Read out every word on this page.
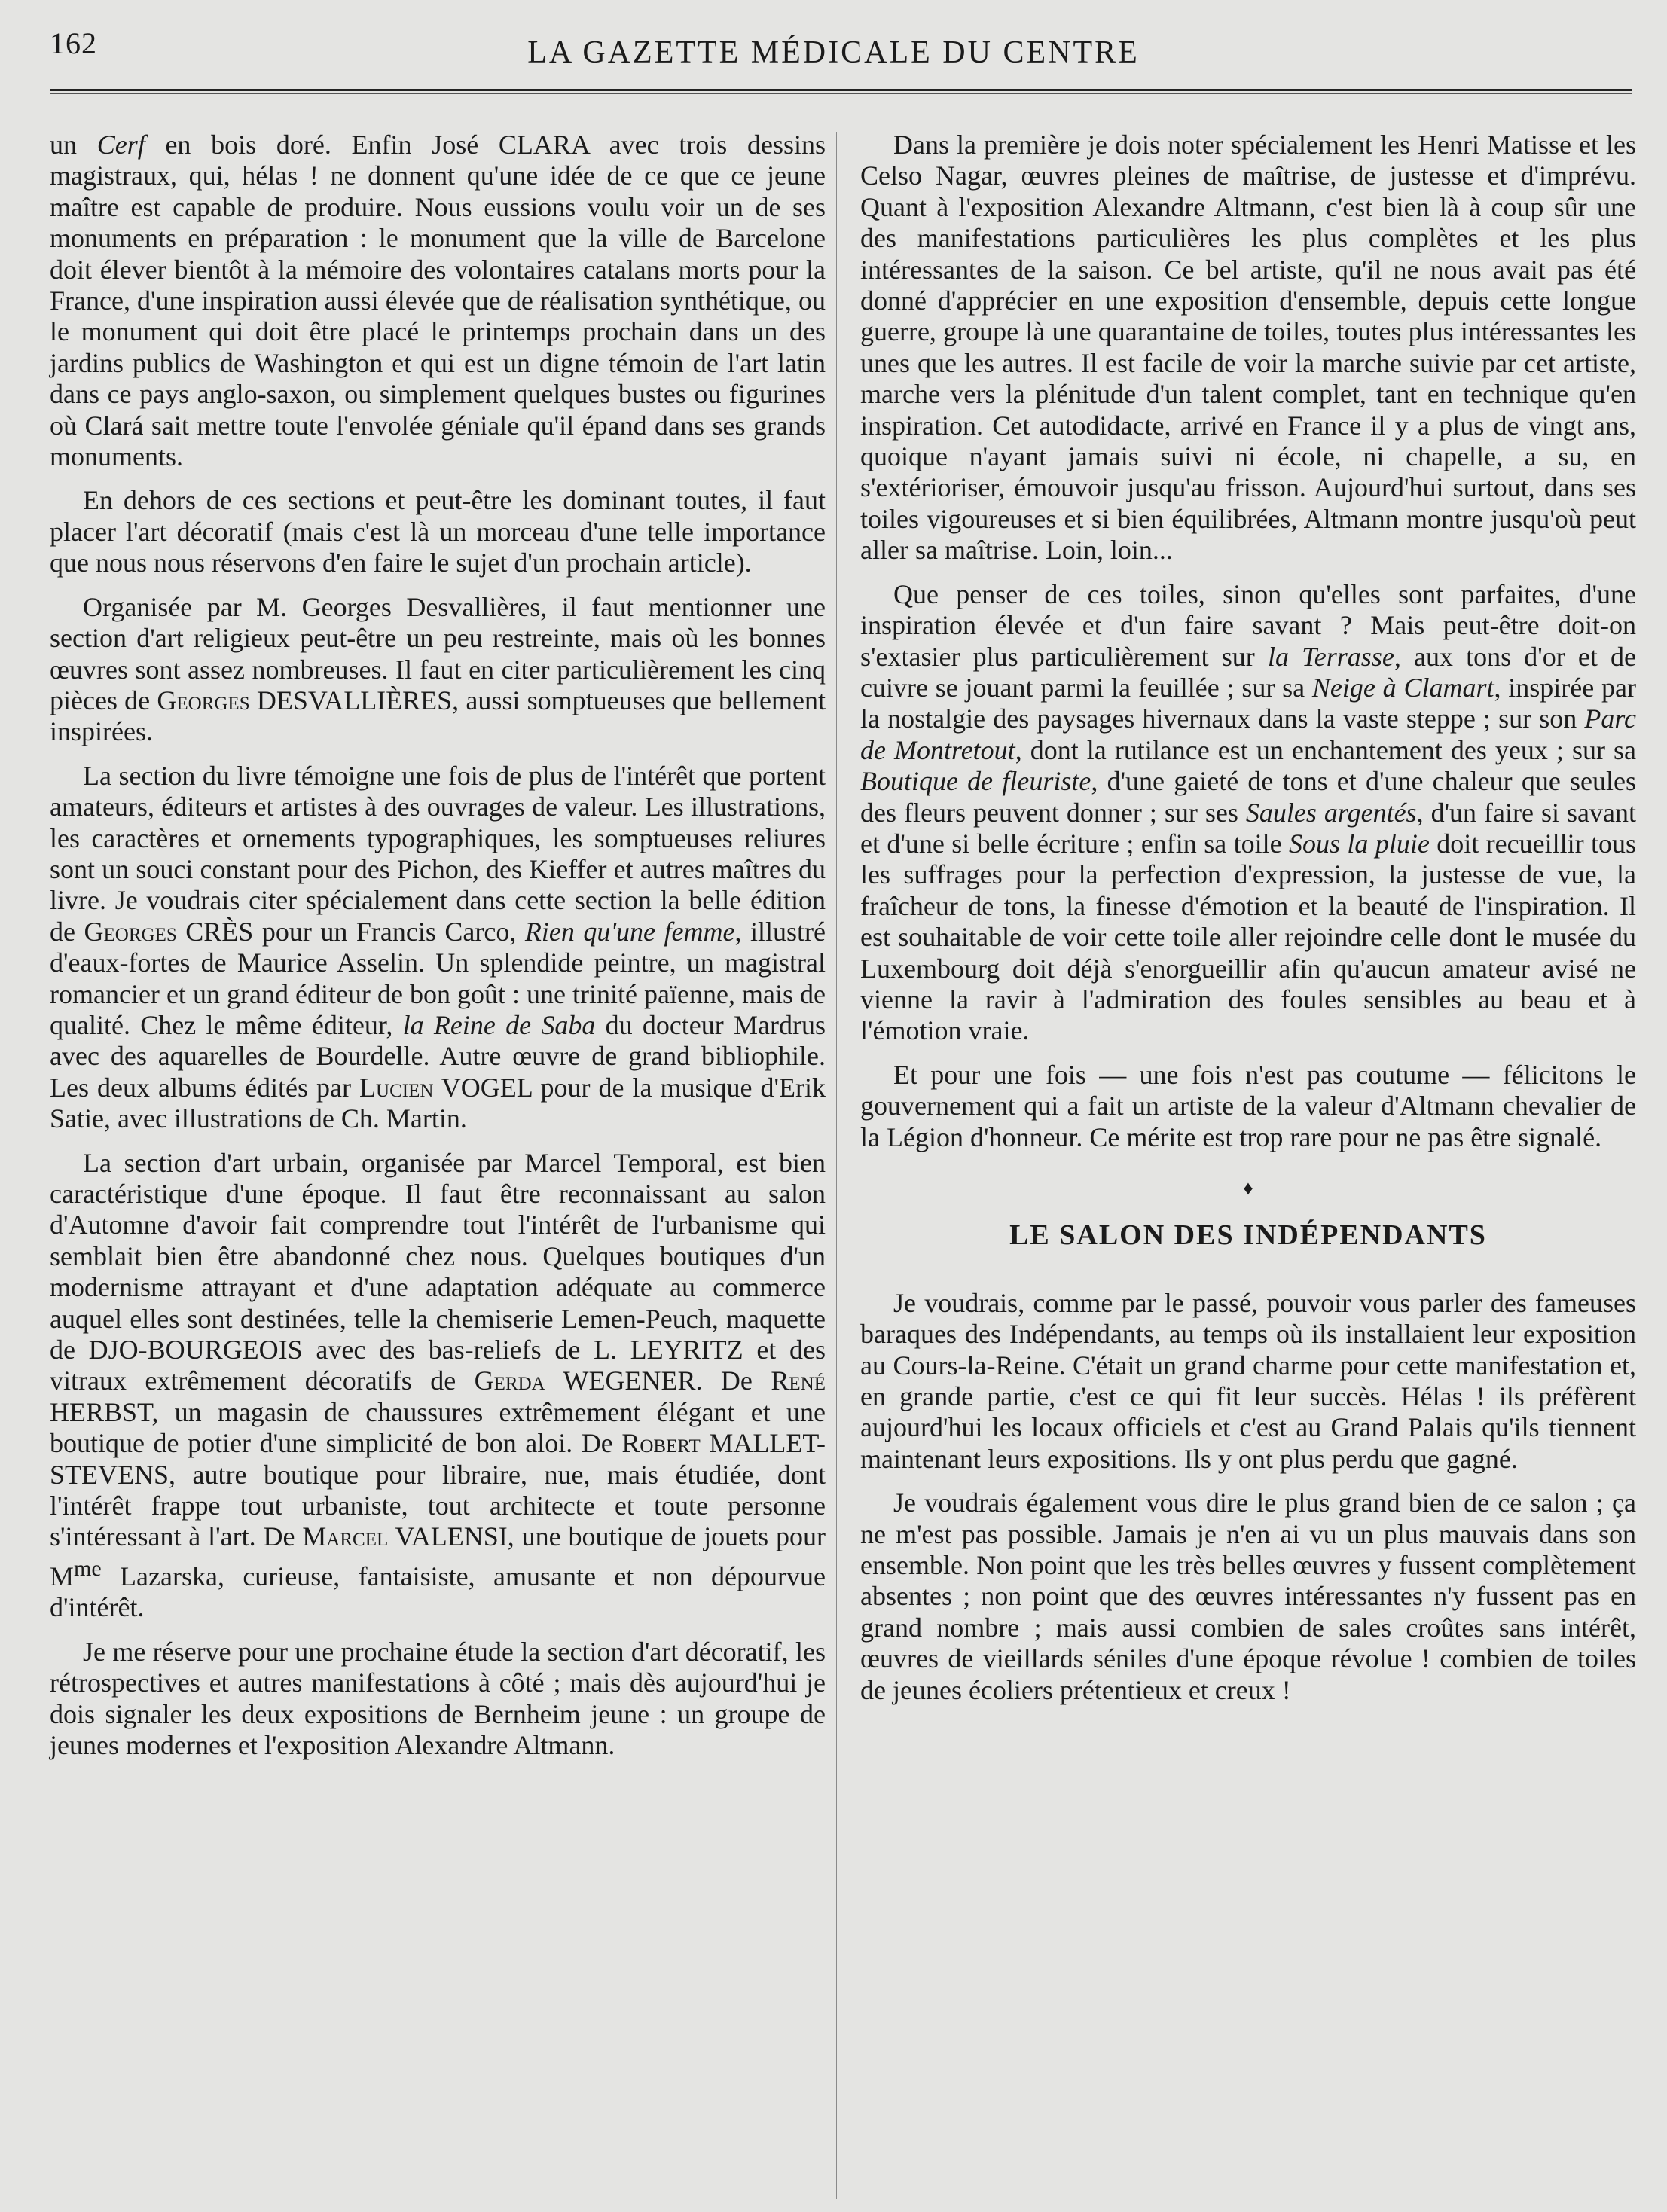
162	LA GAZETTE MÉDICALE DU CENTRE

un Cerf en bois doré. Enfin José CLARA avec trois dessins magistraux, qui, hélas ! ne donnent qu'une idée de ce que ce jeune maître est capable de produire. Nous eussions voulu voir un de ses monuments en préparation : le monument que la ville de Barcelone doit élever bientôt à la mémoire des volontaires catalans morts pour la France, d'une inspiration aussi élevée que de réalisation synthétique, ou le monument qui doit être placé le printemps prochain dans un des jardins publics de Washington et qui est un digne témoin de l'art latin dans ce pays anglo-saxon, ou simplement quelques bustes ou figurines où Clará sait mettre toute l'envolée géniale qu'il épand dans ses grands monuments.

En dehors de ces sections et peut-être les dominant toutes, il faut placer l'art décoratif (mais c'est là un morceau d'une telle importance que nous nous réservons d'en faire le sujet d'un prochain article).

Organisée par M. Georges Desvallières, il faut mentionner une section d'art religieux peut-être un peu restreinte, mais où les bonnes œuvres sont assez nombreuses. Il faut en citer particulièrement les cinq pièces de Georges DESVALLIÈRES, aussi somptueuses que bellement inspirées.

La section du livre témoigne une fois de plus de l'intérêt que portent amateurs, éditeurs et artistes à des ouvrages de valeur. Les illustrations, les caractères et ornements typographiques, les somptueuses reliures sont un souci constant pour des Pichon, des Kieffer et autres maîtres du livre. Je voudrais citer spécialement dans cette section la belle édition de Georges CRÈS pour un Francis Carco, Rien qu'une femme, illustré d'eaux-fortes de Maurice Asselin. Un splendide peintre, un magistral romancier et un grand éditeur de bon goût : une trinité païenne, mais de qualité. Chez le même éditeur, la Reine de Saba du docteur Mardrus avec des aquarelles de Bourdelle. Autre œuvre de grand bibliophile. Les deux albums édités par Lucien VOGEL pour de la musique d'Erik Satie, avec illustrations de Ch. Martin.

La section d'art urbain, organisée par Marcel Temporal, est bien caractéristique d'une époque. Il faut être reconnaissant au salon d'Automne d'avoir fait comprendre tout l'intérêt de l'urbanisme qui semblait bien être abandonné chez nous. Quelques boutiques d'un modernisme attrayant et d'une adaptation adéquate au commerce auquel elles sont destinées, telle la chemiserie Lemen-Peuch, maquette de DJO-BOURGEOIS avec des bas-reliefs de L. LEYRITZ et des vitraux extrêmement décoratifs de Gerda WEGENER. De René HERBST, un magasin de chaussures extrêmement élégant et une boutique de potier d'une simplicité de bon aloi. De Robert MALLET-STEVENS, autre boutique pour libraire, nue, mais étudiée, dont l'intérêt frappe tout urbaniste, tout architecte et toute personne s'intéressant à l'art. De Marcel VALENSI, une boutique de jouets pour $M^{me}$ Lazarska, curieuse, fantaisiste, amusante et non dépourvue d'intérêt.

Je me réserve pour une prochaine étude la section d'art décoratif, les rétrospectives et autres manifestations à côté ; mais dès aujourd'hui je dois signaler les deux expositions de Bernheim jeune : un groupe de jeunes modernes et l'exposition Alexandre Altmann.

Dans la première je dois noter spécialement les Henri Matisse et les Celso Nagar, œuvres pleines de maîtrise, de justesse et d'imprévu. Quant à l'exposition Alexandre Altmann, c'est bien là à coup sûr une des manifestations particulières les plus complètes et les plus intéressantes de la saison. Ce bel artiste, qu'il ne nous avait pas été donné d'apprécier en une exposition d'ensemble, depuis cette longue guerre, groupe là une quarantaine de toiles, toutes plus intéressantes les unes que les autres. Il est facile de voir la marche suivie par cet artiste, marche vers la plénitude d'un talent complet, tant en technique qu'en inspiration. Cet autodidacte, arrivé en France il y a plus de vingt ans, quoique n'ayant jamais suivi ni école, ni chapelle, a su, en s'extérioriser, émouvoir jusqu'au frisson. Aujourd'hui surtout, dans ses toiles vigoureuses et si bien équilibrées, Altmann montre jusqu'où peut aller sa maîtrise. Loin, loin...

Que penser de ces toiles, sinon qu'elles sont parfaites, d'une inspiration élevée et d'un faire savant ? Mais peut-être doit-on s'extasier plus particulièrement sur la Terrasse, aux tons d'or et de cuivre se jouant parmi la feuillée ; sur sa Neige à Clamart, inspirée par la nostalgie des paysages hivernaux dans la vaste steppe ; sur son Parc de Montretout, dont la rutilance est un enchantement des yeux ; sur sa Boutique de fleuriste, d'une gaieté de tons et d'une chaleur que seules des fleurs peuvent donner ; sur ses Saules argentés, d'un faire si savant et d'une si belle écriture ; enfin sa toile Sous la pluie doit recueillir tous les suffrages pour la perfection d'expression, la justesse de vue, la fraîcheur de tons, la finesse d'émotion et la beauté de l'inspiration. Il est souhaitable de voir cette toile aller rejoindre celle dont le musée du Luxembourg doit déjà s'enorgueillir afin qu'aucun amateur avisé ne vienne la ravir à l'admiration des foules sensibles au beau et à l'émotion vraie.

Et pour une fois — une fois n'est pas coutume — félicitons le gouvernement qui a fait un artiste de la valeur d'Altmann chevalier de la Légion d'honneur. Ce mérite est trop rare pour ne pas être signalé.

♦
LE SALON DES INDÉPENDANTS

Je voudrais, comme par le passé, pouvoir vous parler des fameuses baraques des Indépendants, au temps où ils installaient leur exposition au Cours-la-Reine. C'était un grand charme pour cette manifestation et, en grande partie, c'est ce qui fit leur succès. Hélas ! ils préfèrent aujourd'hui les locaux officiels et c'est au Grand Palais qu'ils tiennent maintenant leurs expositions. Ils y ont plus perdu que gagné.

Je voudrais également vous dire le plus grand bien de ce salon ; ça ne m'est pas possible. Jamais je n'en ai vu un plus mauvais dans son ensemble. Non point que les très belles œuvres y fussent complètement absentes ; non point que des œuvres intéressantes n'y fussent pas en grand nombre ; mais aussi combien de sales croûtes sans intérêt, œuvres de vieillards séniles d'une époque révolue ! combien de toiles de jeunes écoliers prétentieux et creux !
